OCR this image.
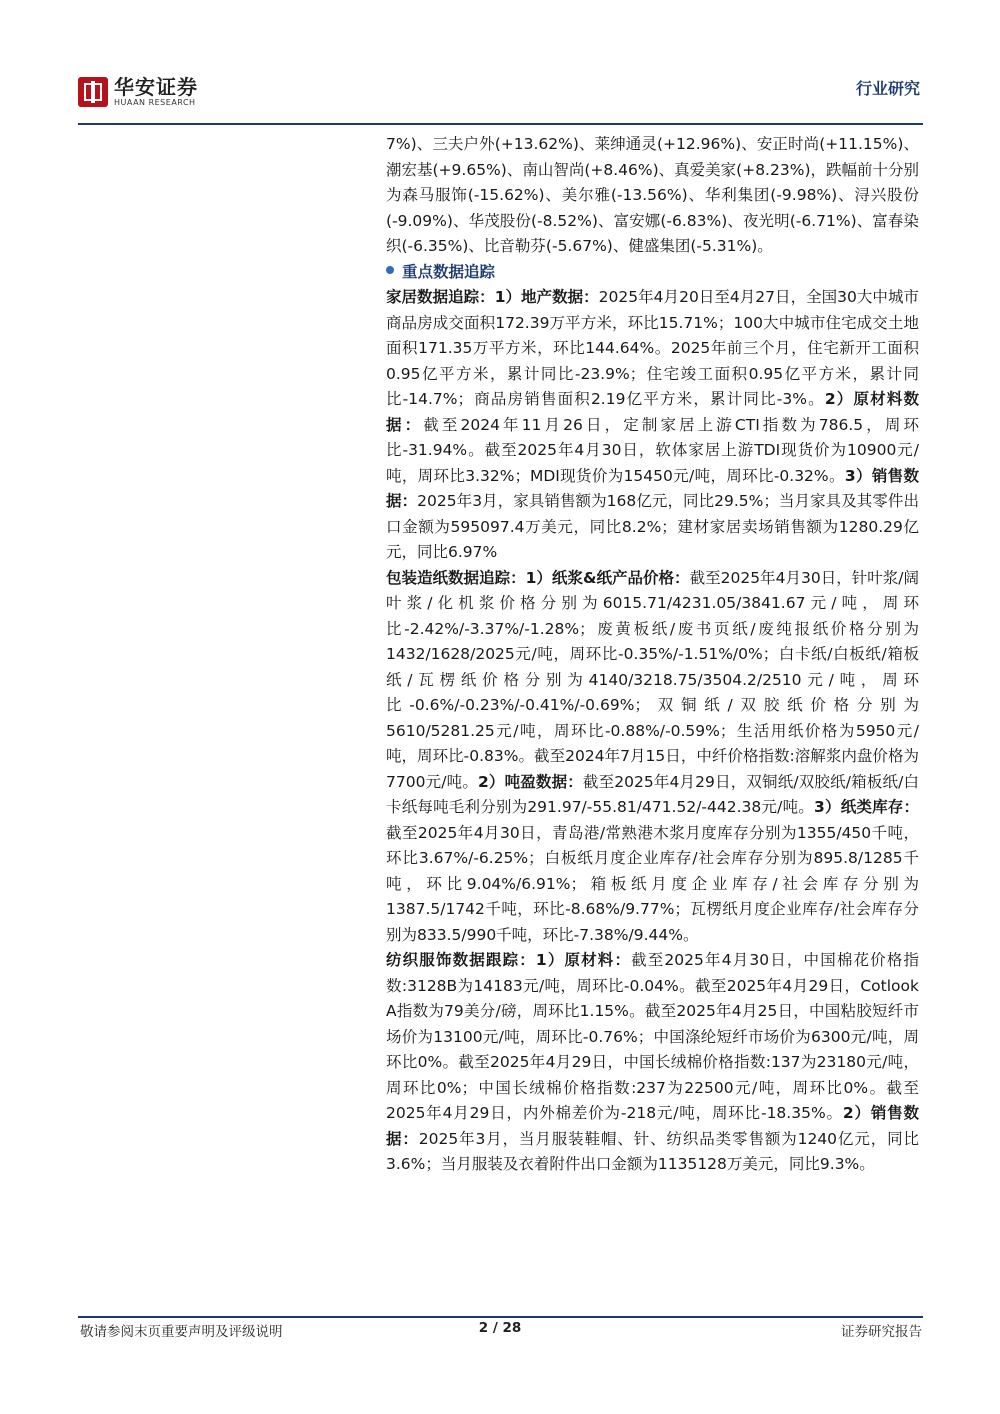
华安证券
HUAAN RESEARCH
行业研究

7%)、三夫户外(+13.62%)、莱绅通灵(+12.96%)、安正时尚(+11.15%)、潮宏基(+9.65%)、南山智尚(+8.46%)、真爱美家(+8.23%)，跌幅前十分别为森马服饰(-15.62%)、美尔雅(-13.56%)、华利集团(-9.98%)、浔兴股份(-9.09%)、华茂股份(-8.52%)、富安娜(-6.83%)、夜光明(-6.71%)、富春染织(-6.35%)、比音勒芬(-5.67%)、健盛集团(-5.31%)。

重点数据追踪

家居数据追踪：1）地产数据：2025年4月20日至4月27日，全国30大中城市商品房成交面积172.39万平方米，环比15.71%；100大中城市住宅成交土地面积171.35万平方米，环比144.64%。2025年前三个月，住宅新开工面积0.95亿平方米，累计同比-23.9%；住宅竣工面积0.95亿平方米，累计同比-14.7%；商品房销售面积2.19亿平方米，累计同比-3%。2）原材料数据：截至2024年11月26日，定制家居上游CTI指数为786.5，周环比-31.94%。截至2025年4月30日，软体家居上游TDI现货价为10900元/吨，周环比3.32%；MDI现货价为15450元/吨，周环比-0.32%。3）销售数据：2025年3月，家具销售额为168亿元，同比29.5%；当月家具及其零件出口金额为595097.4万美元，同比8.2%；建材家居卖场销售额为1280.29亿元，同比6.97%

包装造纸数据追踪：1）纸浆&纸产品价格：截至2025年4月30日，针叶浆/阔叶浆/化机浆价格分别为6015.71/4231.05/3841.67元/吨，周环比-2.42%/-3.37%/-1.28%；废黄板纸/废书页纸/废纯报纸价格分别为1432/1628/2025元/吨，周环比-0.35%/-1.51%/0%；白卡纸/白板纸/箱板纸/瓦楞纸价格分别为4140/3218.75/3504.2/2510元/吨，周环比-0.6%/-0.23%/-0.41%/-0.69%；双铜纸/双胶纸价格分别为5610/5281.25元/吨，周环比-0.88%/-0.59%；生活用纸价格为5950元/吨，周环比-0.83%。截至2024年7月15日，中纤价格指数:溶解浆内盘价格为7700元/吨。2）吨盈数据：截至2025年4月29日，双铜纸/双胶纸/箱板纸/白卡纸每吨毛利分别为291.97/-55.81/471.52/-442.38元/吨。3）纸类库存：截至2025年4月30日，青岛港/常熟港木浆月度库存分别为1355/450千吨，环比3.67%/-6.25%；白板纸月度企业库存/社会库存分别为895.8/1285千吨，环比9.04%/6.91%；箱板纸月度企业库存/社会库存分别为1387.5/1742千吨，环比-8.68%/9.77%；瓦楞纸月度企业库存/社会库存分别为833.5/990千吨，环比-7.38%/9.44%。

纺织服饰数据跟踪：1）原材料：截至2025年4月30日，中国棉花价格指数:3128B为14183元/吨，周环比-0.04%。截至2025年4月29日，Cotlook A指数为79美分/磅，周环比1.15%。截至2025年4月25日，中国粘胶短纤市场价为13100元/吨，周环比-0.76%；中国涤纶短纤市场价为6300元/吨，周环比0%。截至2025年4月29日，中国长绒棉价格指数:137为23180元/吨，周环比0%；中国长绒棉价格指数:237为22500元/吨，周环比0%。截至2025年4月29日，内外棉差价为-218元/吨，周环比-18.35%。2）销售数据：2025年3月，当月服装鞋帽、针、纺织品类零售额为1240亿元，同比3.6%；当月服装及衣着附件出口金额为1135128万美元，同比9.3%。

敬请参阅末页重要声明及评级说明	2 / 28	证券研究报告
